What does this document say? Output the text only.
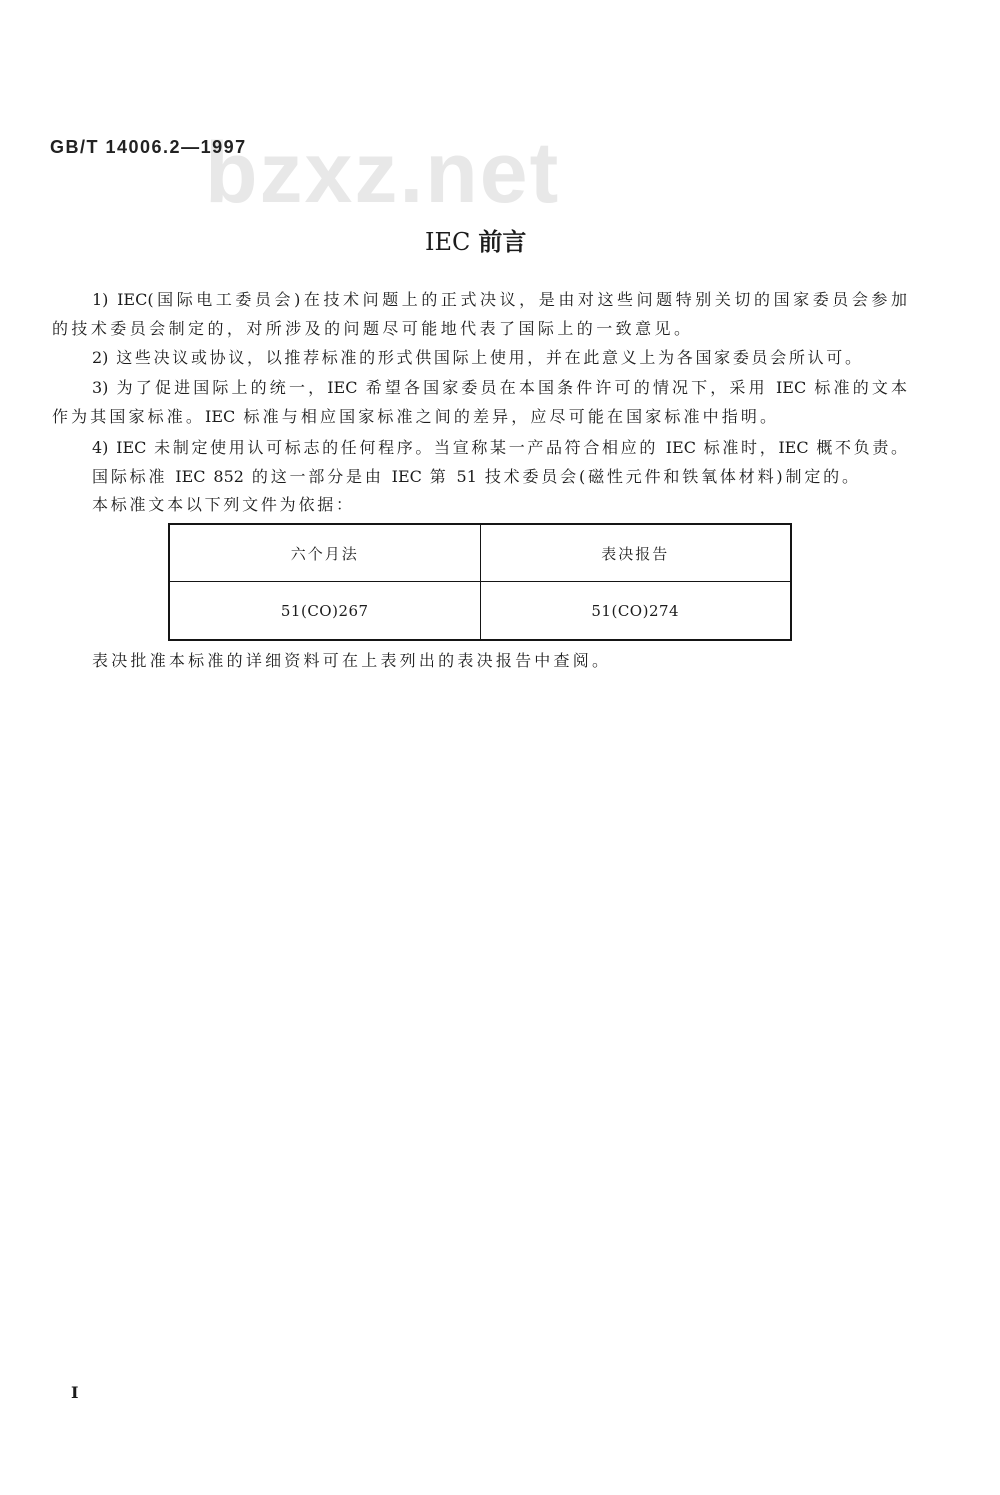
bzxz.net
GB/T 14006.2—1997
IEC 前言
1) IEC(国际电工委员会)在技术问题上的正式决议，是由对这些问题特别关切的国家委员会参加
的技术委员会制定的，对所涉及的问题尽可能地代表了国际上的一致意见。
2) 这些决议或协议，以推荐标准的形式供国际上使用，并在此意义上为各国家委员会所认可。
3) 为了促进国际上的统一，IEC 希望各国家委员在本国条件许可的情况下，采用 IEC 标准的文本
作为其国家标准。IEC 标准与相应国家标准之间的差异，应尽可能在国家标准中指明。
4) IEC 未制定使用认可标志的任何程序。当宣称某一产品符合相应的 IEC 标准时，IEC 概不负责。
国际标准 IEC 852 的这一部分是由 IEC 第 51 技术委员会(磁性元件和铁氧体材料)制定的。
本标准文本以下列文件为依据：
六个月法	表决报告
51(CO)267	51(CO)274
表决批准本标准的详细资料可在上表列出的表决报告中查阅。
I
